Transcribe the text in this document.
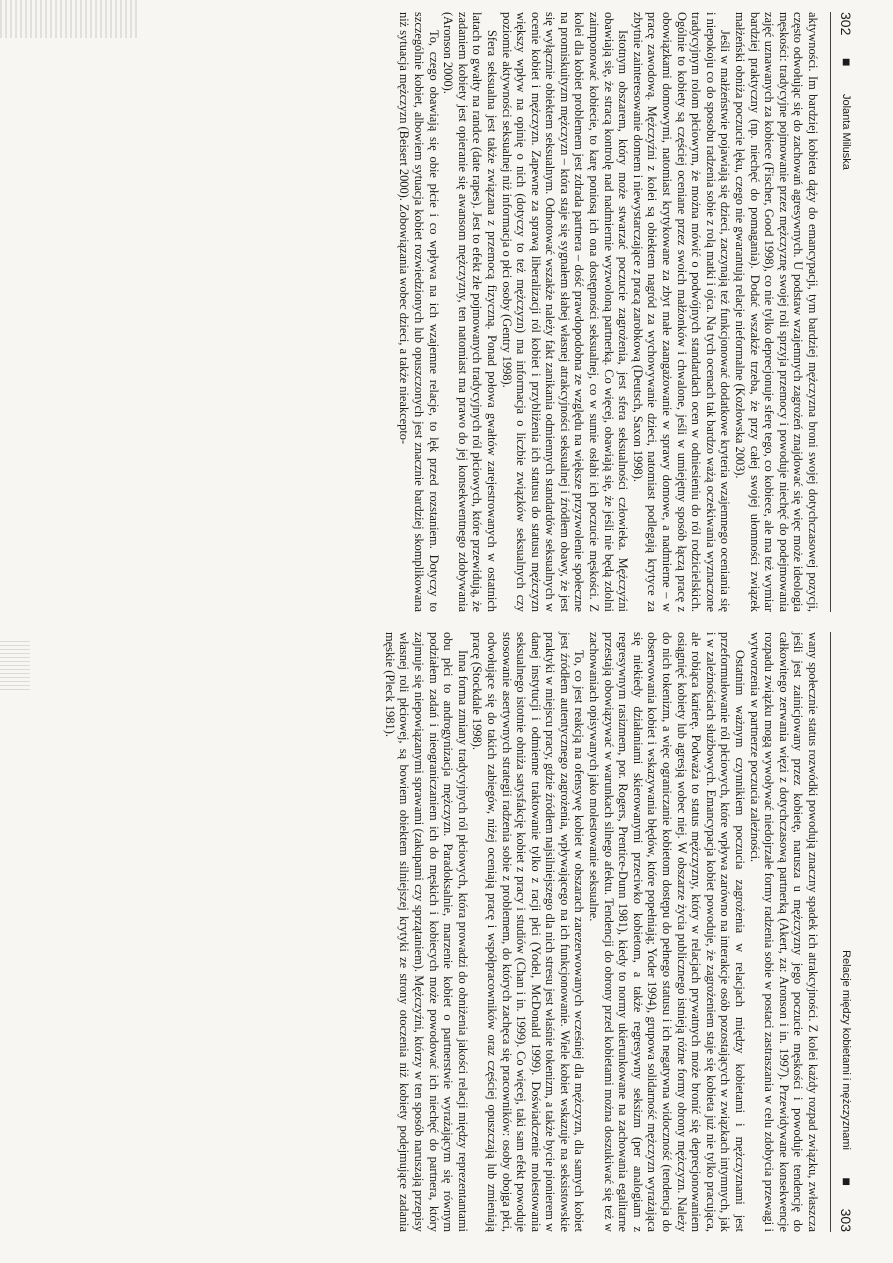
302
■
Jolanta Miluska

aktywności. Im bardziej kobieta dąży do emancypacji, tym bardziej mężczyzna broni swojej dotychczasowej pozycji, często odwołując się do zachowań agresywnych. U podstaw wzajemnych zagrożeń znajdować się więc może ideologia męskości: tradycyjne pojmowanie przez mężczyznę swojej roli sprzyja przemocy i powoduje niechęć do podejmowania zajęć uznawanych za kobiece (Fischer, Good 1998), co nie tylko deprecjonuje sferę tego, co kobiece, ale ma też wymiar bardziej praktyczny (np. niechęć do pomagania). Dodać wszakże trzeba, że przy całej swojej ułomności związek małżeński obniża poczucie lęku, czego nie gwarantują relacje nieformalne (Kozłowska 2003).

Jeśli w małżeństwie pojawiają się dzieci, zaczynają też funkcjonować dodatkowe kryteria wzajemnego oceniania się i niepokoju co do sposobu radzenia sobie z rolą matki i ojca. Na tych ocenach tak bardzo ważą oczekiwania wyznaczone tradycyjnym rolom płciowym, że można mówić o podwójnych standardach ocen w odniesieniu do ról rodzicielskich. Ogólnie to kobiety są częściej oceniane przez swoich małżonków i chwalone, jeśli w umiejętny sposób łączą pracę z obowiązkami domowymi, natomiast krytykowane za zbyt małe zaangażowanie w sprawy domowe, a nadmierne – w pracę zawodową. Mężczyźni z kolei są obiektem nagród za wychowywanie dzieci, natomiast podlegają krytyce za zbytnie zainteresowanie domem i niewystarczające z pracą zarobkową (Deutsch, Saxon 1998).

Istotnym obszarem, który może stwarzać poczucie zagrożenia, jest sfera seksualności człowieka. Mężczyźni obawiają się, że stracą kontrolę nad nadmiernie wyzwoloną partnerką. Co więcej, obawiają się, że jeśli nie będą zdolni zaimponować kobiecie, to karę poniosą ich ona dostępności seksualnej, co w sumie osłabi ich poczucie męskości. Z kolei dla kobiet problemem jest zdrada partnera – dość prawdopodobna ze względu na większe przyzwolenie społeczne na promiskuityzm mężczyzn – która staje się sygnałem słabej własnej atrakcyjności seksualnej i źródłem obawy, że jest się wyłącznie obiektem seksualnym. Odnotować wszakże należy fakt zanikania odmiennych standardów seksualnych w ocenie kobiet i mężczyzn. Zapewne za sprawą liberalizacji ról kobiet i przybliżenia ich statusu do statusu mężczyzn większy wpływ na opinię o nich (dotyczy to też mężczyzn) ma informacja o liczbie związków seksualnych czy poziomie aktywności seksualnej niż informacja o płci osoby (Gentry 1998).

Sfera seksualna jest także związana z przemocą fizyczną. Ponad połowa gwałtów zarejestrowanych w ostatnich latach to gwałty na randce (date rapes). Jest to efekt złe pojmowanych tradycyjnych ról płciowych, które przewidują, że zadaniem kobiety jest opieranie się awansom mężczyzny, ten natomiast ma prawo do jej konsekwentnego zdobywania (Aronson 2000).

To, czego obawiają się obie płcie i co wpływa na ich wzajemne relacje, to lęk przed rozstaniem. Dotyczy to szczególnie kobiet, albowiem sytuacja kobiet rozwiedzionych lub opuszczonych jest znacznie bardziej skomplikowana niż sytuacja mężczyzn (Beisert 2000). Zobowiązania wobec dzieci, a także nieakcepto-

Relacje między kobietami i mężczyznami
■
303

wany społecznie status rozwódki powodują znaczny spadek ich atrakcyjności. Z kolei każdy rozpad związku, zwłaszcza jeśli jest zainicjowany przez kobietę, narusza u mężczyzny jego poczucie męskości i powoduje tendencję do całkowitego zerwania więzi z dotychczasową partnerką (Akert, za: Aronson i in. 1997). Przewidywane konsekwencje rozpadu związku mogą wywoływać niedojrzałe formy radzenia sobie w postaci zastraszania w celu zdobycia przewagi i wytworzenia w partnerze poczucia zależności.

Ostatnim ważnym czynnikiem poczucia zagrożenia w relacjach między kobietami i mężczyznami jest przeformułowanie ról płciowych, które wpływa zarówno na interakcje osób pozostających w związkach intymnych, jak i w zależnościach służbowych. Emancypacja kobiet powoduje, że zagrożeniem staje się kobieta już nie tylko pracująca, ale robiąca karierę. Podważa to status mężczyzny, który w relacjach prywatnych może bronić się deprecjonowaniem osiągnięć kobiety lub agresją wobec niej. W obszarze życia publicznego istnieją różne formy obrony mężczyzn. Należy do nich tokenizm, a więc ograniczanie kobietom dostępu do pełnego statusu i ich negatywna widoczność (tendencja do obserwowania kobiet i wskazywania błędów, które popełniają; Yoder 1994), grupowa solidarność mężczyzn wyrażająca się niekiedy działaniami skierowanymi przeciwko kobietom, a także regresywny seksizm (per analogiam z regresywnym rasizmem, por. Rogers, Prentice-Dunn 1981), kiedy to normy ukierunkowane na zachowania egalitarne przestają obowiązywać w warunkach silnego afektu. Tendencji do obrony przed kobietami można doszukiwać się też w zachowaniach opisywanych jako molestowanie seksualne.

To, co jest reakcją na ofensywę kobiet w obszarach zarezerwowanych wcześniej dla mężczyzn, dla samych kobiet jest źródłem autentycznego zagrożenia, wpływającego na ich funkcjonowanie. Wiele kobiet wskazuje na seksistowskie praktyki w miejscu pracy, gdzie źródłem najsilniejszego dla nich stresu jest właśnie tokenizm, a także bycie pionierem w danej instytucji i odmienne traktowanie tylko z racji płci (Yodel, McDonald 1999). Doświadczenie molestowania seksualnego istotnie obniża satysfakcję kobiet z pracy i studiów (Chan i in. 1999). Co więcej, taki sam efekt powoduje stosowanie asertywnych strategii radzenia sobie z problemem, do których zachęca się pracowników: osoby obojga płci, odwołujące się do takich zabiegów, niżej oceniają pracę i współpracowników oraz częściej opuszczają lub zmieniają pracę (Stockdale 1998).

Inna forma zmiany tradycyjnych ról płciowych, która prowadzi do obniżenia jakości relacji między reprezentantami obu płci to androgynizacja mężczyzn. Paradoksalnie, marzenie kobiet o partnerstwie wyrażającym się równym podziałem zadań i nieograniczaniem ich do męskich i kobiecych może powodować ich niechęć do partnera, który zajmuje się niepowiązanymi sprawami (zakupami czy sprzątaniem). Mężczyźni, którzy w ten sposób naruszają przepisy własnej roli płciowej, są bowiem obiektem silniejszej krytyki ze strony otoczenia niż kobiety podejmujące zadania męskie (Pleck 1981).
